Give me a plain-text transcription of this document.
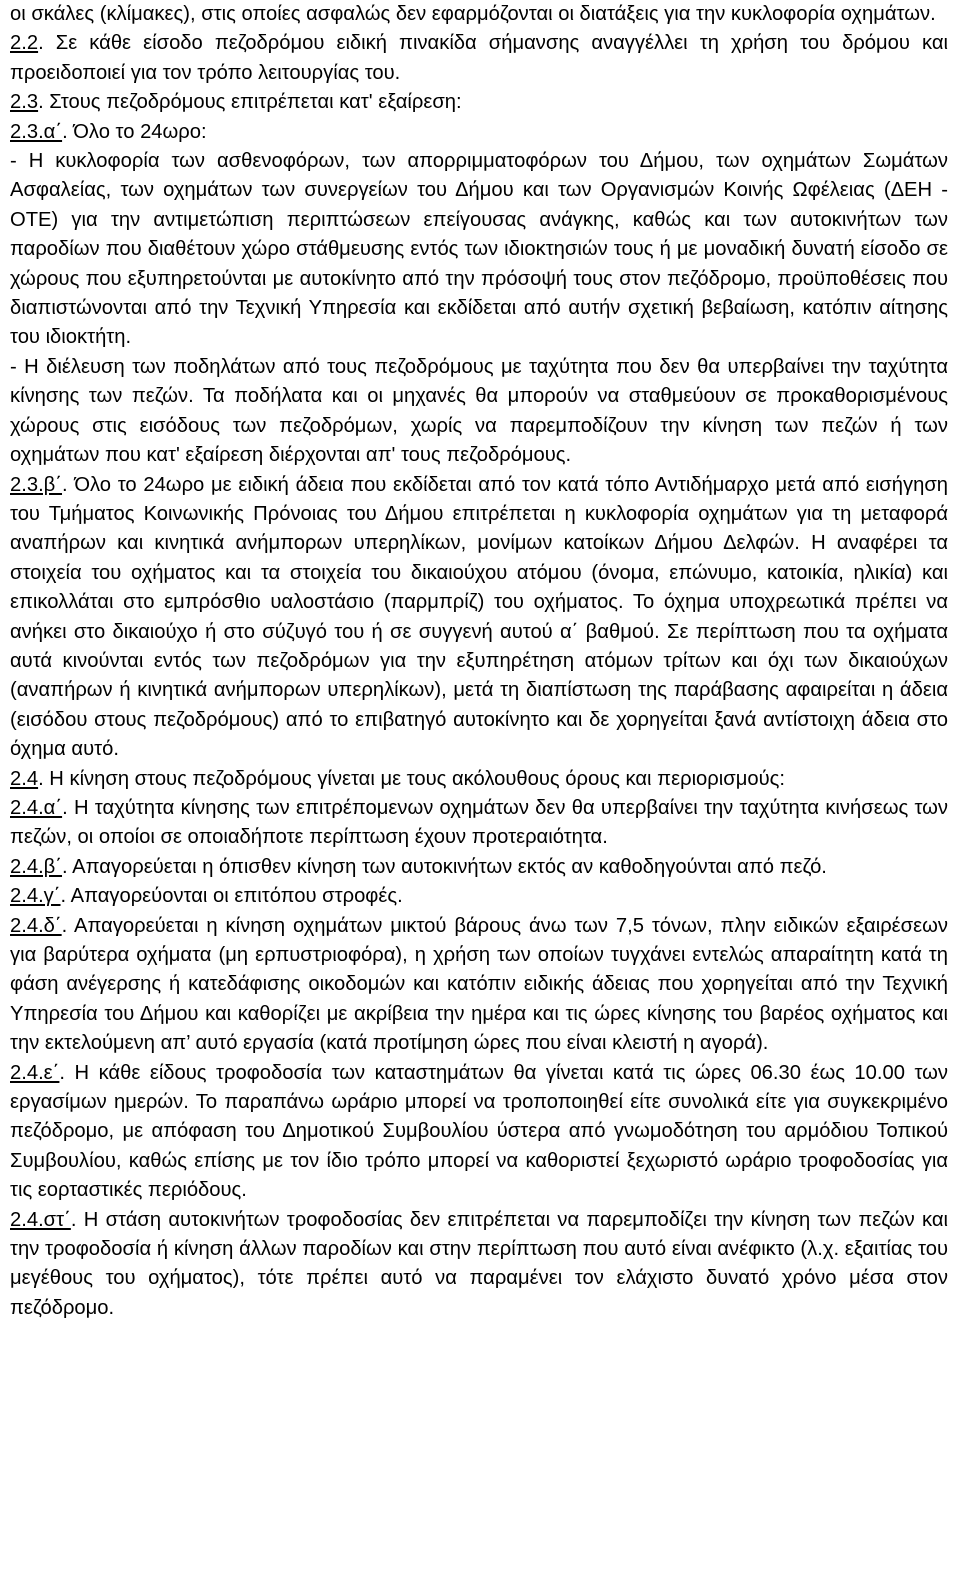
οι σκάλες (κλίμακες), στις οποίες ασφαλώς δεν εφαρμόζονται οι διατάξεις για την κυκλοφορία οχημάτων.

2.2. Σε κάθε είσοδο πεζοδρόμου ειδική πινακίδα σήμανσης αναγγέλλει τη χρήση του δρόμου και προειδοποιεί για τον τρόπο λειτουργίας του.

2.3. Στους πεζοδρόμους επιτρέπεται κατ' εξαίρεση:

2.3.α΄. Όλο το 24ωρο:

- Η κυκλοφορία των ασθενοφόρων, των απορριμματοφόρων του Δήμου, των οχημάτων Σωμάτων Ασφαλείας, των οχημάτων των συνεργείων του Δήμου και των Οργανισμών Κοινής Ωφέλειας (ΔΕΗ - ΟΤΕ) για την αντιμετώπιση περιπτώσεων επείγουσας ανάγκης, καθώς και των αυτοκινήτων των παροδίων που διαθέτουν χώρο στάθμευσης εντός των ιδιοκτησιών τους ή με μοναδική δυνατή είσοδο σε χώρους που εξυπηρετούνται με αυτοκίνητο από την πρόσοψή τους στον πεζόδρομο, προϋποθέσεις που διαπιστώνονται από την Τεχνική Υπηρεσία και εκδίδεται από αυτήν σχετική βεβαίωση, κατόπιν αίτησης του ιδιοκτήτη.

- Η διέλευση των ποδηλάτων από τους πεζοδρόμους με ταχύτητα που δεν θα υπερβαίνει την ταχύτητα κίνησης των πεζών. Τα ποδήλατα και οι μηχανές θα μπορούν να σταθμεύουν σε προκαθορισμένους χώρους στις εισόδους των πεζοδρόμων, χωρίς να παρεμποδίζουν την κίνηση των πεζών ή των οχημάτων που κατ' εξαίρεση διέρχονται απ' τους πεζοδρόμους.

2.3.β΄. Όλο το 24ωρο με ειδική άδεια που εκδίδεται από τον κατά τόπο Αντιδήμαρχο μετά από εισήγηση του Τμήματος Κοινωνικής Πρόνοιας του Δήμου επιτρέπεται η κυκλοφορία οχημάτων για τη μεταφορά αναπήρων και κινητικά ανήμπορων υπερηλίκων, μονίμων κατοίκων Δήμου Δελφών. Η αναφέρει τα στοιχεία του οχήματος και τα στοιχεία του δικαιούχου ατόμου (όνομα, επώνυμο, κατοικία, ηλικία) και επικολλάται στο εμπρόσθιο υαλοστάσιο (παρμπρίζ) του οχήματος. Το όχημα υποχρεωτικά πρέπει να ανήκει στο δικαιούχο ή στο σύζυγό του ή σε συγγενή αυτού α΄ βαθμού. Σε περίπτωση που τα οχήματα αυτά κινούνται εντός των πεζοδρόμων για την εξυπηρέτηση ατόμων τρίτων και όχι των δικαιούχων (αναπήρων ή κινητικά ανήμπορων υπερηλίκων), μετά τη διαπίστωση της παράβασης αφαιρείται η άδεια (εισόδου στους πεζοδρόμους) από το επιβατηγό αυτοκίνητο και δε χορηγείται ξανά αντίστοιχη άδεια στο όχημα αυτό.

2.4. Η κίνηση στους πεζοδρόμους γίνεται με τους ακόλουθους όρους και περιορισμούς:

2.4.α΄. Η ταχύτητα κίνησης των επιτρέπομενων οχημάτων δεν θα υπερβαίνει την ταχύτητα κινήσεως των πεζών, οι οποίοι σε οποιαδήποτε περίπτωση έχουν προτεραιότητα.

2.4.β΄. Απαγορεύεται η όπισθεν κίνηση των αυτοκινήτων εκτός αν καθοδηγούνται από πεζό.

2.4.γ΄. Απαγορεύονται οι επιτόπου στροφές.

2.4.δ΄. Απαγορεύεται η κίνηση οχημάτων μικτού βάρους άνω των 7,5 τόνων, πλην ειδικών εξαιρέσεων για βαρύτερα οχήματα (μη ερπυστριοφόρα), η χρήση των οποίων τυγχάνει εντελώς απαραίτητη κατά τη φάση ανέγερσης ή κατεδάφισης οικοδομών και κατόπιν ειδικής άδειας που χορηγείται από την Τεχνική Υπηρεσία του Δήμου και καθορίζει με ακρίβεια την ημέρα και τις ώρες κίνησης του βαρέος οχήματος και την εκτελούμενη απ’ αυτό εργασία (κατά προτίμηση ώρες που είναι κλειστή η αγορά).

2.4.ε΄. Η κάθε είδους τροφοδοσία των καταστημάτων θα γίνεται κατά τις ώρες 06.30 έως 10.00 των εργασίμων ημερών. Το παραπάνω ωράριο μπορεί να τροποποιηθεί είτε συνολικά είτε για συγκεκριμένο πεζόδρομο, με απόφαση του Δημοτικού Συμβουλίου ύστερα από γνωμοδότηση του αρμόδιου Τοπικού Συμβουλίου, καθώς επίσης με τον ίδιο τρόπο μπορεί να καθοριστεί ξεχωριστό ωράριο τροφοδοσίας για τις εορταστικές περιόδους.

2.4.στ΄. Η στάση αυτοκινήτων τροφοδοσίας δεν επιτρέπεται να παρεμποδίζει την κίνηση των πεζών και την τροφοδοσία ή κίνηση άλλων παροδίων και στην περίπτωση που αυτό είναι ανέφικτο (λ.χ. εξαιτίας του μεγέθους του οχήματος), τότε πρέπει αυτό να παραμένει τον ελάχιστο δυνατό χρόνο μέσα στον πεζόδρομο.
